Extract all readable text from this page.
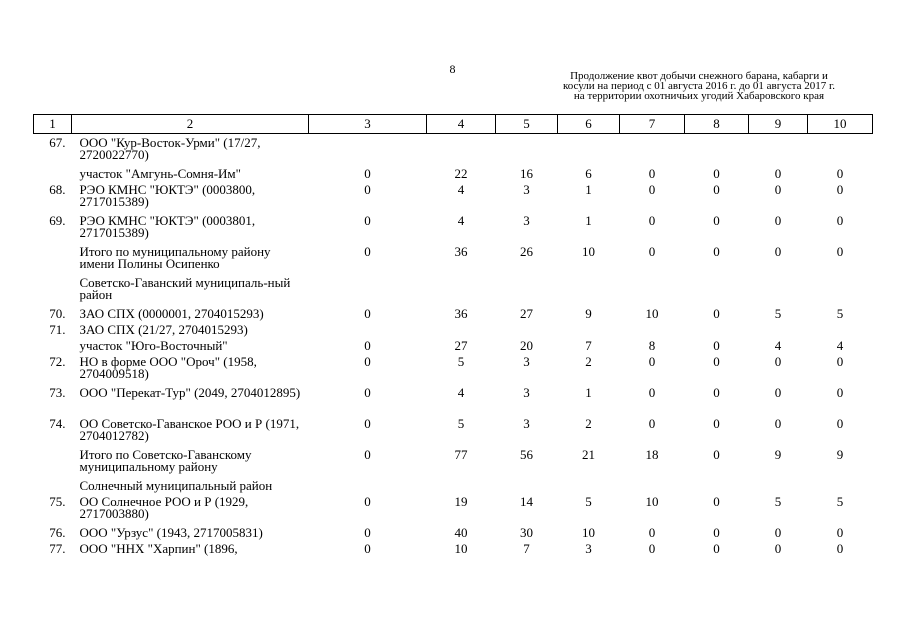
8	Продолжение квот добычи снежного барана, кабарги и
косули на период с 01 августа 2016 г. до 01 августа 2017 г.
на территории охотничьих угодий Хабаровского края
1	2	3	4	5	6	7	8	9	10

67.	ООО "Кур-Восток-Урми" (17/27, 2720022770)								

	участок "Амгунь-Сомня-Им"	0	22	16	6	0	0	0	0

68.	РЭО КМНС "ЮКТЭ" (0003800, 2717015389)	0	4	3	1	0	0	0	0

69.	РЭО КМНС "ЮКТЭ" (0003801, 2717015389)	0	4	3	1	0	0	0	0

	Итого по муниципальному району имени Полины Осипенко	0	36	26	10	0	0	0	0

	Советско-Гаванский муниципаль-ный район								

70.	ЗАО СПХ (0000001, 2704015293)	0	36	27	9	10	0	5	5

71.	ЗАО СПХ (21/27, 2704015293)								

	участок "Юго-Восточный"	0	27	20	7	8	0	4	4

72.	НО в форме ООО "Ороч" (1958, 2704009518)	0	5	3	2	0	0	0	0

73.	ООО "Перекат-Тур" (2049, 2704012895)	0	4	3	1	0	0	0	0

74.	ОО Советско-Гаванское РОО и Р (1971, 2704012782)	0	5	3	2	0	0	0	0

	Итого по Советско-Гаванскому муниципальному району	0	77	56	21	18	0	9	9

	Солнечный муниципальный район								

75.	ОО Солнечное РОО и Р (1929, 2717003880)	0	19	14	5	10	0	5	5

76.	ООО "Урзус" (1943, 2717005831)	0	40	30	10	0	0	0	0

77.	ООО "ННХ "Харпин" (1896,	0	10	7	3	0	0	0	0
